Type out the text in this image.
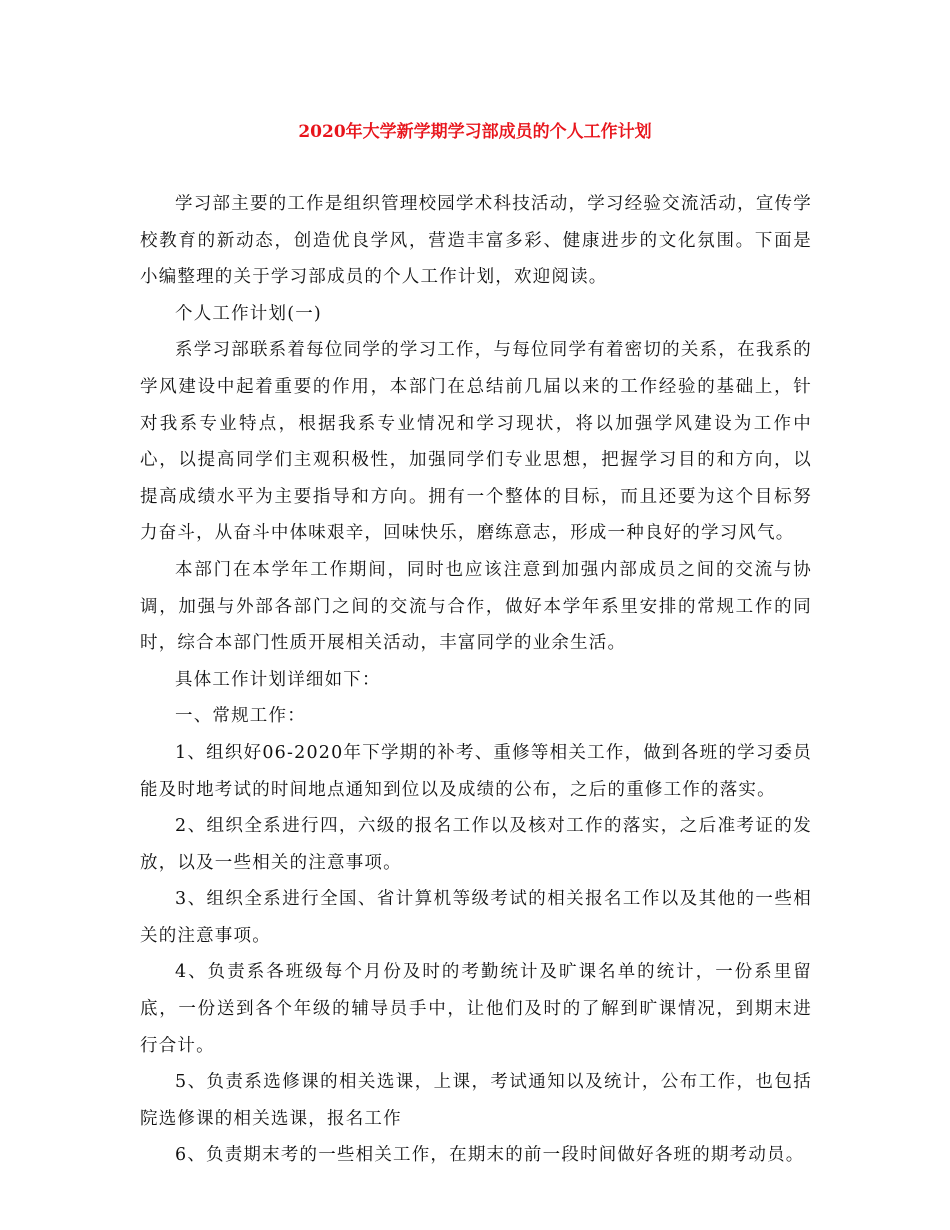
2020年大学新学期学习部成员的个人工作计划

学习部主要的工作是组织管理校园学术科技活动，学习经验交流活动，宣传学校教育的新动态，创造优良学风，营造丰富多彩、健康进步的文化氛围。下面是小编整理的关于学习部成员的个人工作计划，欢迎阅读。

个人工作计划(一)

系学习部联系着每位同学的学习工作，与每位同学有着密切的关系，在我系的学风建设中起着重要的作用，本部门在总结前几届以来的工作经验的基础上，针对我系专业特点，根据我系专业情况和学习现状，将以加强学风建设为工作中心，以提高同学们主观积极性，加强同学们专业思想，把握学习目的和方向，以提高成绩水平为主要指导和方向。拥有一个整体的目标，而且还要为这个目标努力奋斗，从奋斗中体味艰辛，回味快乐，磨练意志，形成一种良好的学习风气。

本部门在本学年工作期间，同时也应该注意到加强内部成员之间的交流与协调，加强与外部各部门之间的交流与合作，做好本学年系里安排的常规工作的同时，综合本部门性质开展相关活动，丰富同学的业余生活。

具体工作计划详细如下：

一、常规工作：

1、组织好06-2020年下学期的补考、重修等相关工作，做到各班的学习委员能及时地考试的时间地点通知到位以及成绩的公布，之后的重修工作的落实。

2、组织全系进行四，六级的报名工作以及核对工作的落实，之后准考证的发放，以及一些相关的注意事项。

3、组织全系进行全国、省计算机等级考试的相关报名工作以及其他的一些相关的注意事项。

4、负责系各班级每个月份及时的考勤统计及旷课名单的统计，一份系里留底，一份送到各个年级的辅导员手中，让他们及时的了解到旷课情况，到期末进行合计。

5、负责系选修课的相关选课，上课，考试通知以及统计，公布工作，也包括院选修课的相关选课，报名工作

6、负责期末考的一些相关工作，在期末的前一段时间做好各班的期考动员。
